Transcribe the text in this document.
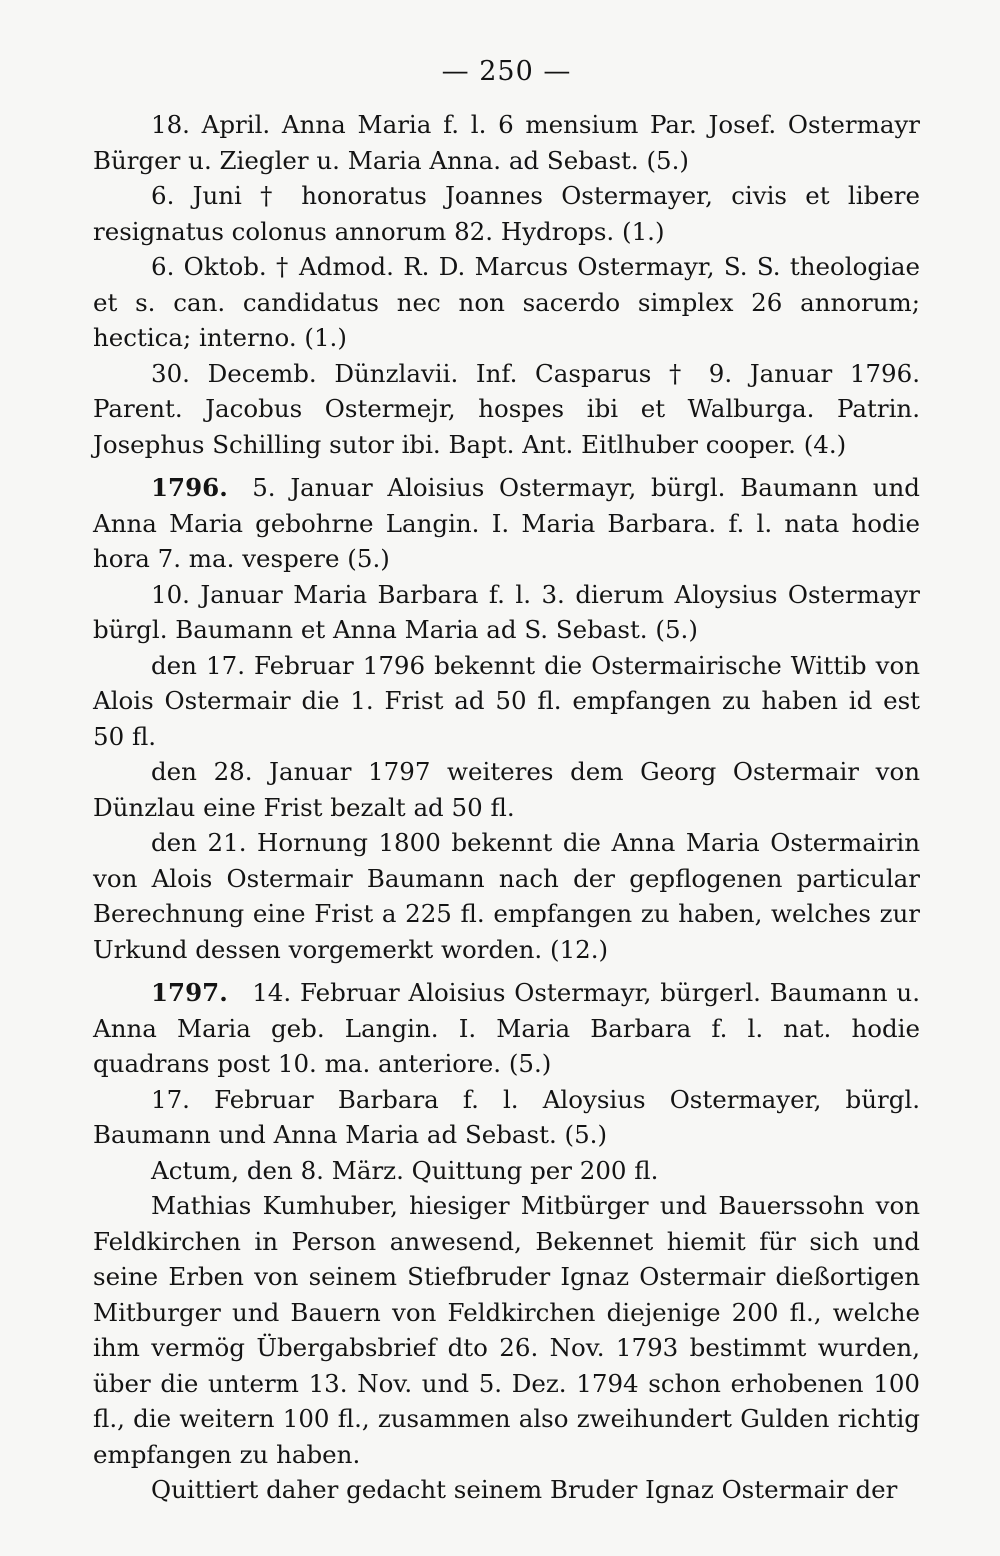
— 250 —

18. April. Anna Maria f. l. 6 mensium Par. Josef. Ostermayr Bürger u. Ziegler u. Maria Anna. ad Sebast. (5.)

6. Juni † honoratus Joannes Ostermayer, civis et libere resignatus colonus annorum 82. Hydrops. (1.)

6. Oktob. † Admod. R. D. Marcus Ostermayr, S. S. theologiae et s. can. candidatus nec non sacerdo simplex 26 annorum; hectica; interno. (1.)

30. Decemb. Dünzlavii. Inf. Casparus † 9. Januar 1796. Parent. Jacobus Ostermejr, hospes ibi et Walburga. Patrin. Josephus Schilling sutor ibi. Bapt. Ant. Eitlhuber cooper. (4.)

1796.  5. Januar Aloisius Ostermayr, bürgl. Baumann und Anna Maria gebohrne Langin. I. Maria Barbara. f. l. nata hodie hora 7. ma. vespere (5.)

10. Januar Maria Barbara f. l. 3. dierum Aloysius Ostermayr bürgl. Baumann et Anna Maria ad S. Sebast. (5.)

den 17. Februar 1796 bekennt die Ostermairische Wittib von Alois Ostermair die 1. Frist ad 50 fl. empfangen zu haben id est 50 fl.

den 28. Januar 1797 weiteres dem Georg Ostermair von Dünzlau eine Frist bezalt ad 50 fl.

den 21. Hornung 1800 bekennt die Anna Maria Ostermairin von Alois Ostermair Baumann nach der gepflogenen particular Berechnung eine Frist a 225 fl. empfangen zu haben, welches zur Urkund dessen vorgemerkt worden. (12.)

1797.  14. Februar Aloisius Ostermayr, bürgerl. Baumann u. Anna Maria geb. Langin. I. Maria Barbara f. l. nat. hodie quadrans post 10. ma. anteriore. (5.)

17. Februar Barbara f. l. Aloysius Ostermayer, bürgl. Baumann und Anna Maria ad Sebast. (5.)

Actum, den 8. März. Quittung per 200 fl.

Mathias Kumhuber, hiesiger Mitbürger und Bauerssohn von Feldkirchen in Person anwesend, Bekennet hiemit für sich und seine Erben von seinem Stiefbruder Ignaz Ostermair dießortigen Mitburger und Bauern von Feldkirchen diejenige 200 fl., welche ihm vermög Übergabsbrief dto 26. Nov. 1793 bestimmt wurden, über die unterm 13. Nov. und 5. Dez. 1794 schon erhobenen 100 fl., die weitern 100 fl., zusammen also zweihundert Gulden richtig empfangen zu haben.

Quittiert daher gedacht seinem Bruder Ignaz Ostermair der
